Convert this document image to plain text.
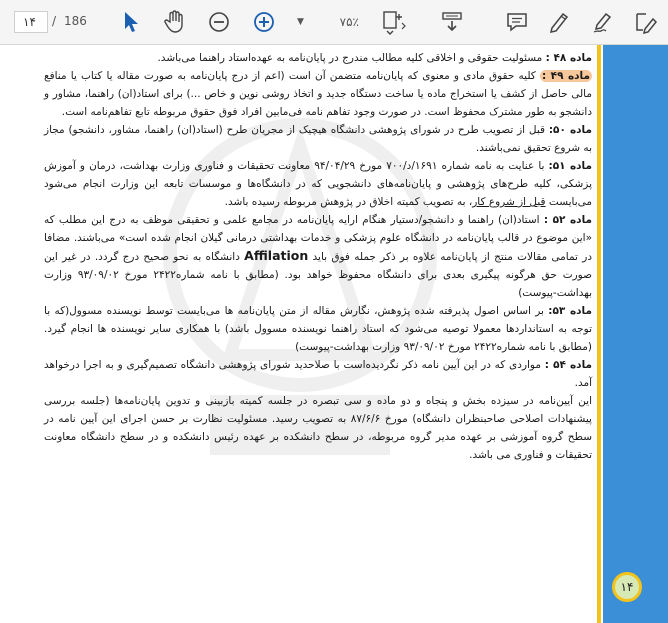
۱۴	/ 186	▼	۷۵٪

ماده ۴۸ : مسئولیت حقوقی و اخلاقی کلیه مطالب مندرج در پایان‌نامه به عهده‌استاد راهنما می‌باشد.

ماده ۴۹ : کلیه حقوق مادی و معنوی که پایان‌نامه متضمن آن است (اعم از درج پایان‌نامه به صورت مقاله یا کتاب یا منافع مالی حاصل از کشف یا استخراج ماده یا ساخت دستگاه جدید و اتخاذ روشی نوین و خاص ...) برای استاد(ان) راهنما، مشاور و دانشجو به طور مشترک محفوظ است. در صورت وجود تفاهم نامه فی‌مابین افراد فوق حقوق مربوطه تابع تفاهم‌نامه است.

ماده ۵۰: قبل از تصویب طرح در شورای پژوهشی دانشگاه هیچیک از مجریان طرح (استاد(ان) راهنما، مشاور، دانشجو) مجاز به شروع تحقیق نمی‌باشند.

ماده ۵۱: با عنایت به نامه شماره ۱۶۹۱/د/۷۰۰ مورخ ۹۴/۰۴/۲۹ معاونت تحقیقات و فناوری وزارت بهداشت، درمان و آموزش پزشکی، کلیه طرح‌های پژوهشی و پایان‌نامه‌های دانشجویی که در دانشگاه‌ها و موسسات تابعه این وزارت انجام می‌شود می‌بایست قبل از شروع کار، به تصویب کمیته اخلاق در پژوهش مربوطه رسیده باشد.

ماده ۵۲ : استاد(ان) راهنما و دانشجو/دستیار هنگام ارایه پایان‌نامه در مجامع علمی و تحقیقی موظف به درج این مطلب که «این موضوع در قالب پایان‌نامه در دانشگاه علوم پزشکی و خدمات بهداشتی درمانی گیلان انجام شده است» می‌باشند. مضافا در تمامی مقالات منتج از پایان‌نامه علاوه بر ذکر جمله فوق باید Affilation دانشگاه به نحو صحیح درج گردد. در غیر این صورت حق هرگونه پیگیری بعدی برای دانشگاه محفوظ خواهد بود. (مطابق با نامه شماره۲۴۲۲ مورخ ۹۳/۰۹/۰۲ وزارت بهداشت-پیوست)

ماده ۵۳: بر اساس اصول پذیرفته شده پژوهش، نگارش مقاله از متن پایان‌نامه ها می‌بایست توسط نویسنده مسوول(که با توجه به استانداردها معمولا توصیه می‌شود که استاد راهنما نویسنده مسوول باشد) با همکاری سایر نویسنده ها انجام گیرد. (مطابق با نامه شماره۲۴۲۲ مورخ ۹۳/۰۹/۰۲ وزارت بهداشت-پیوست)

ماده ۵۴ : مواردی که در این آیین نامه ذکر نگردیده‌است با صلاحدید شورای پژوهشی دانشگاه تصمیم‌گیری و به اجرا درخواهد آمد.

این آیین‌نامه در سیزده بخش و پنجاه و دو ماده و سی تبصره در جلسه کمیته بازبینی و تدوین پایان‌نامه‌ها (جلسه بررسی پیشنهادات اصلاحی صاحبنظران دانشگاه) مورخ ۸۷/۶/۶ به تصویب رسید. مسئولیت نظارت بر حسن اجرای این آیین نامه در سطح گروه آموزشی بر عهده مدیر گروه مربوطه، در سطح دانشکده بر عهده رئیس دانشکده و در سطح دانشگاه معاونت تحقیقات و فناوری می باشد.

۱۴
